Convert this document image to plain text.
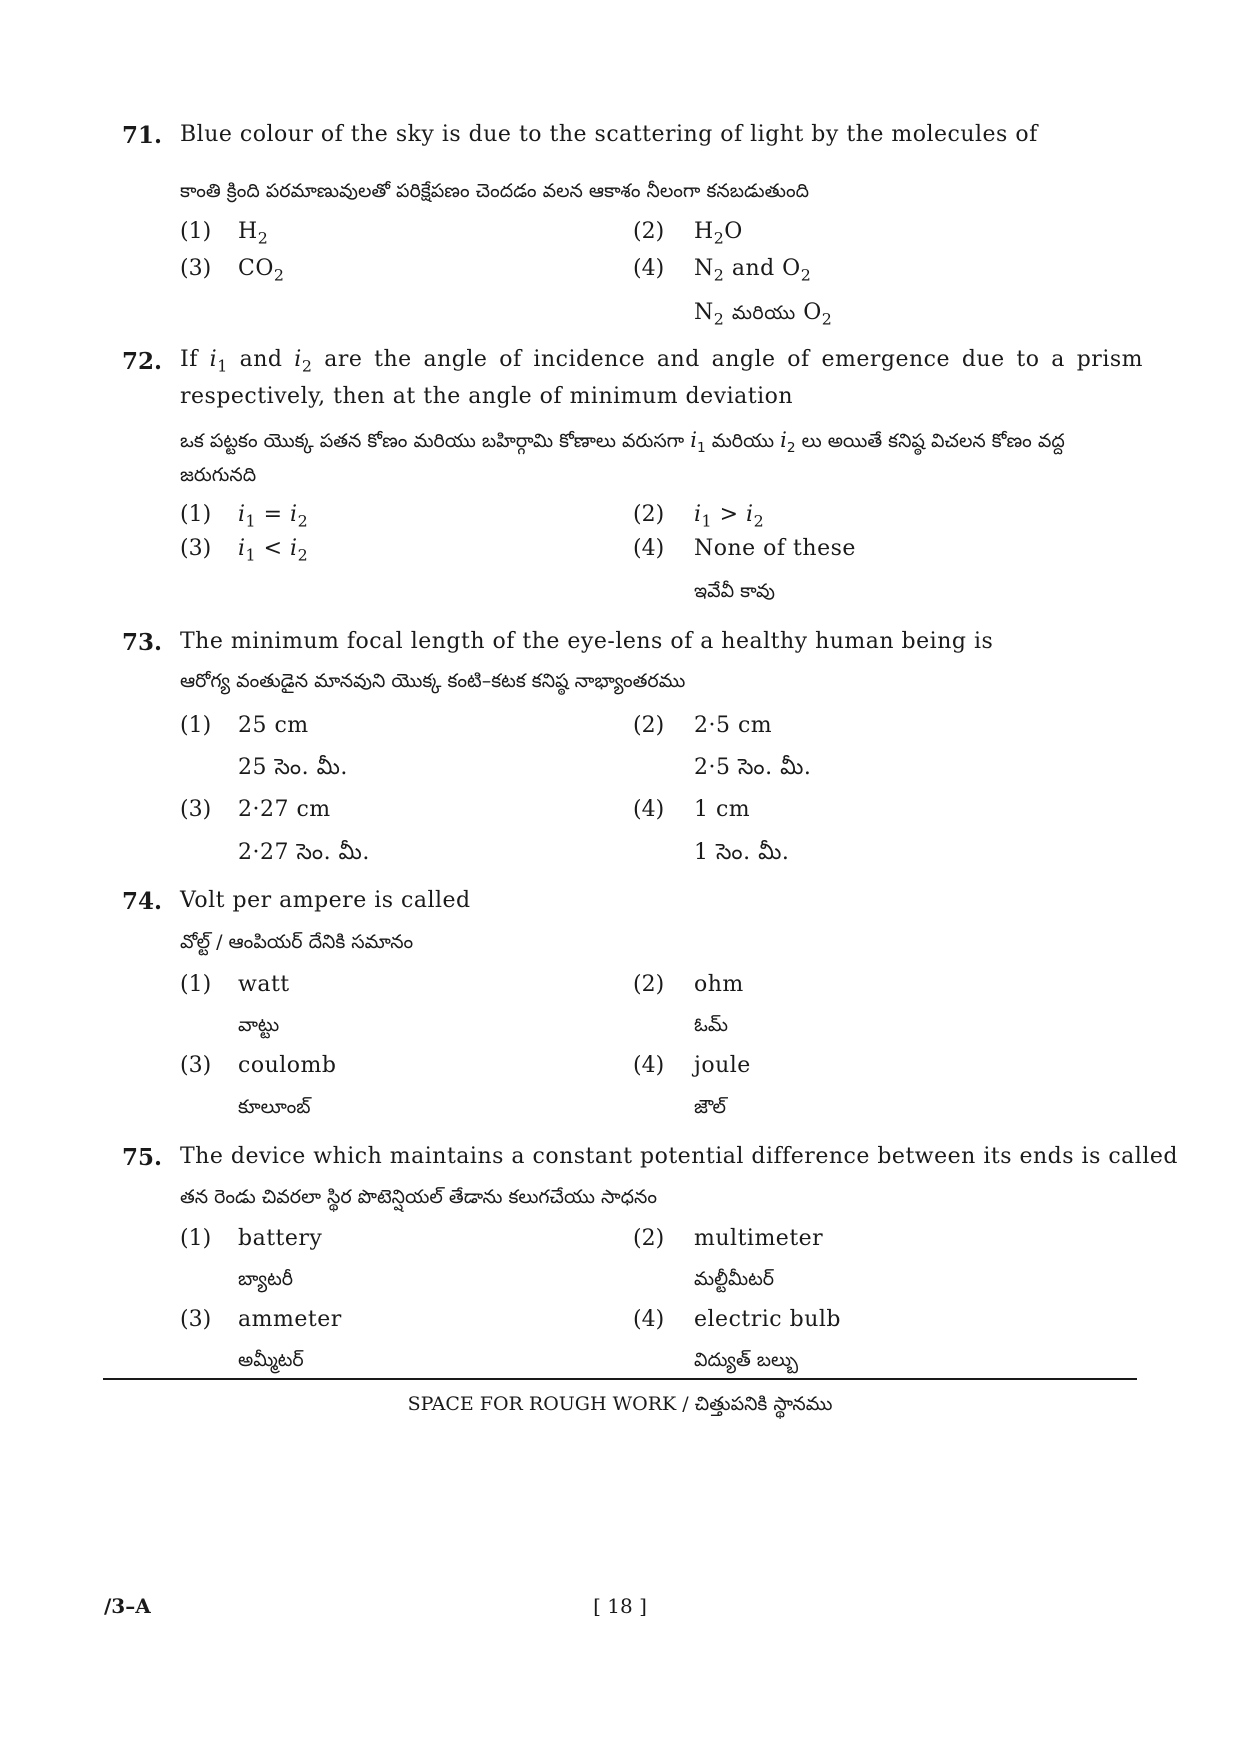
71. Blue colour of the sky is due to the scattering of light by the molecules of
కాంతి క్రింది పరమాణువులతో పరిక్షేపణం చెందడం వలన ఆకాశం నీలంగా కనబడుతుంది
(1) $H_2$	(2) $H_2O$
(3) $CO_2$	(4) $N_2$ and $O_2$
$N_2$ మరియు $O_2$
72. If $i_1$ and $i_2$ are the angle of incidence and angle of emergence due to a prism respectively, then at the angle of minimum deviation
ఒక పట్టకం యొక్క పతన కోణం మరియు బహిర్గామి కోణాలు వరుసగా $i_1$ మరియు $i_2$ లు అయితే కనిష్ఠ విచలన కోణం వద్ద
జరుగునది
(1) $i_1 = i_2$	(2) $i_1 > i_2$
(3) $i_1 < i_2$	(4) None of these
ఇవేవీ కావు
73. The minimum focal length of the eye-lens of a healthy human being is
ఆరోగ్య వంతుడైన మానవుని యొక్క కంటి–కటక కనిష్ఠ నాభ్యాంతరము
(1) 25 cm
25 సెం. మీ.
(2) 2·5 cm
2·5 సెం. మీ.
(3) 2·27 cm
2·27 సెం. మీ.
(4) 1 cm
1 సెం. మీ.
74. Volt per ampere is called
వోల్ట్ / ఆంపియర్ దేనికి సమానం
(1) watt
వాట్టు
(2) ohm
ఓమ్
(3) coulomb
కూలూంబ్
(4) joule
జౌల్
75. The device which maintains a constant potential difference between its ends is called
తన రెండు చివరలా స్థిర పొటెన్షియల్ తేడాను కలుగచేయు సాధనం
(1) battery
బ్యాటరీ
(2) multimeter
మల్టీమీటర్
(3) ammeter
అమ్మీటర్
(4) electric bulb
విద్యుత్ బల్బు
SPACE FOR ROUGH WORK / చిత్తుపనికి స్థానము
/3–A	[ 18 ]
